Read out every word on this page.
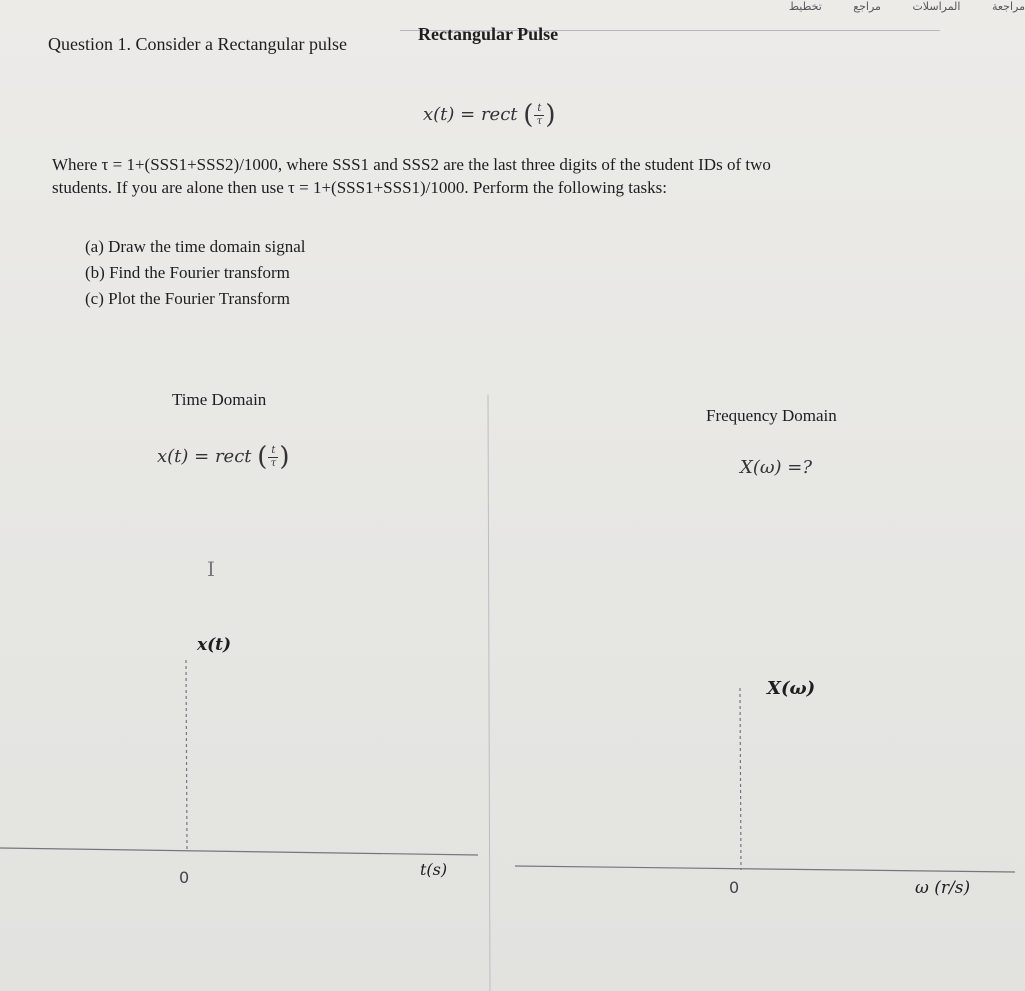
مراجعة المراسلات مراجع تخطيط
Question 1. Consider a Rectangular pulse	Rectangular Pulse
x(t) = rect ( $\frac{t}{\tau}$ )
Where τ = 1+(SSS1+SSS2)/1000, where SSS1 and SSS2 are the last three digits of the student IDs of two
students. If you are alone then use τ = 1+(SSS1+SSS1)/1000. Perform the following tasks:
(a) Draw the time domain signal
(b) Find the Fourier transform
(c) Plot the Fourier Transform
Time Domain
Frequency Domain
x(t) = rect ( $\frac{t}{\tau}$ )	X(ω) =?
I
x(t)
X(ω)
0
0
t(s)
ω (r/s)
